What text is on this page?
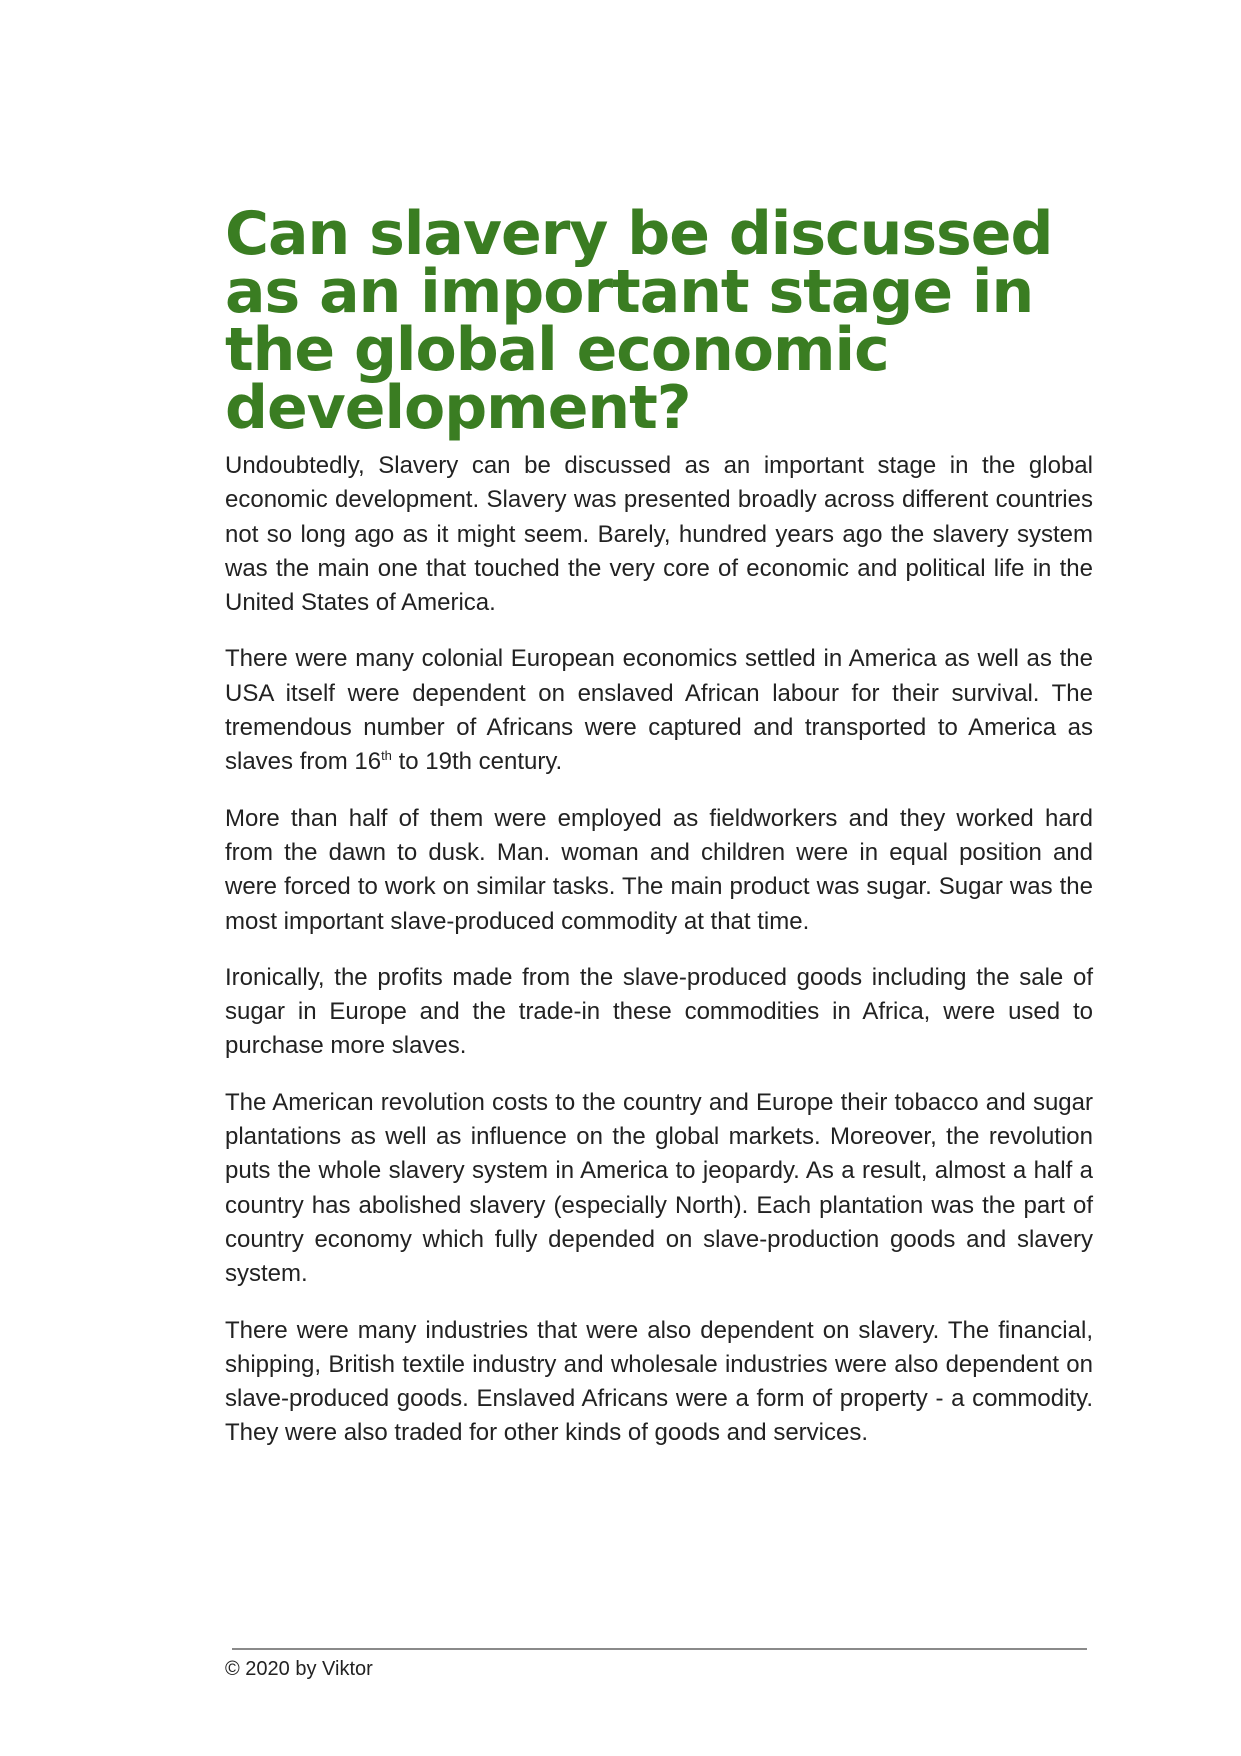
Can slavery be discussed as an important stage in the global economic development?

Undoubtedly, Slavery can be discussed as an important stage in the global economic development. Slavery was presented broadly across different countries not so long ago as it might seem. Barely, hundred years ago the slavery system was the main one that touched the very core of economic and political life in the United States of America.

There were many colonial European economics settled in America as well as the USA itself were dependent on enslaved African labour for their survival. The tremendous number of Africans were captured and transported to America as slaves from 16th to 19th century.

More than half of them were employed as fieldworkers and they worked hard from the dawn to dusk. Man. woman and children were in equal position and were forced to work on similar tasks. The main product was sugar. Sugar was the most important slave-produced commodity at that time.

Ironically, the profits made from the slave-produced goods including the sale of sugar in Europe and the trade-in these commodities in Africa, were used to purchase more slaves.

The American revolution costs to the country and Europe their tobacco and sugar plantations as well as influence on the global markets. Moreover, the revolution puts the whole slavery system in America to jeopardy. As a result, almost a half a country has abolished slavery (especially North). Each plantation was the part of country economy which fully depended on slave-production goods and slavery system.

There were many industries that were also dependent on slavery. The financial, shipping, British textile industry and wholesale industries were also dependent on slave-produced goods. Enslaved Africans were a form of property - a commodity. They were also traded for other kinds of goods and services.

© 2020 by Viktor
